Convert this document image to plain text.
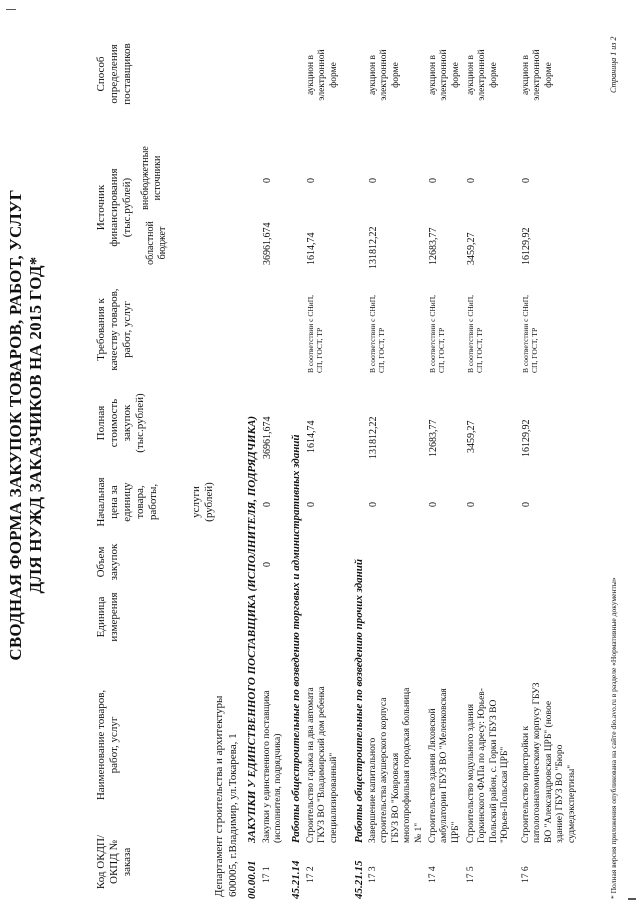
СВОДНАЯ ФОРМА ЗАКУПОК ТОВАРОВ, РАБОТ, УСЛУГ ДЛЯ НУЖД ЗАКАЗЧИКОВ НА 2015 ГОД*
Код ОКДП/ ОКПД № заказа
Наименование товаров, работ, услуг
Единица измерения
Объем закупок
Начальная цена за единицу товара, работы,	услуги (рублей)
Полная стоимость закупок (тыс.рублей)
Требования к качеству товаров, работ, услуг
Источник финансирования (тыс.рублей)
областной бюджет
внебюджетные источники
Способ определения поставщиков
Департамент строительства и архитектуры 600005, г.Владимир, ул.Токарева, 1 00.00.01
ЗАКУПКИ У ЕДИНСТВЕННОГО ПОСТАВЩИКА (ИСПОЛНИТЕЛЯ, ПОДРЯДЧИКА)
17 1
Закупки у единственного поставщика (исполнителя, подрядчика)
0
0
36961,674
36961,674
0
45.21.14
Работы общестроительные по возведению торговых и административных зданий
17 2
Строительство гаража на два автомата ГКУЗ ВО "Владимирский дом ребенка специализированный"
0
1614,74
В соответствии с СНиП, СП, ГОСТ, ТР
1614,74
0
аукцион в электронной форме
45.21.15
Работы общестроительные по возведению прочих зданий
17 3
Завершение капитального строительства акушерского корпуса ГБУЗ ВО "Ковровская многопрофильная городская больница № 1"
0
131812,22
В соответствии с СНиП, СП, ГОСТ, ТР
131812,22
0
аукцион в электронной форме
17 4
Строительство здания Ляховской амбулатории ГБУЗ ВО "Меленковская ЦРБ"
0
12683,77
В соответствии с СНиП, СП, ГОСТ, ТР
12683,77
0
аукцион в электронной форме
17 5
Строительство модульного здания Горкинского ФАПа по адресу: Юрьев-Польский район, с. Горки ГБУЗ ВО "Юрьев-Польская ЦРБ"
0
3459,27
В соответствии с СНиП, СП, ГОСТ, ТР
3459,27
0
аукцион в электронной форме
17 6
Строительство пристройки к патологоанатомическому корпусу ГБУЗ ВО "Александровская ЦРБ" (новое здание) ГБУЗ ВО "Бюро судмедэкспертизы"
0
16129,92
В соответствии с СНиП, СП, ГОСТ, ТР
16129,92
0
аукцион в электронной форме
* Полная версия приложения опубликована на сайте dio.avo.ru в разделе «Нормативные документы»
Страница 1 из 2
